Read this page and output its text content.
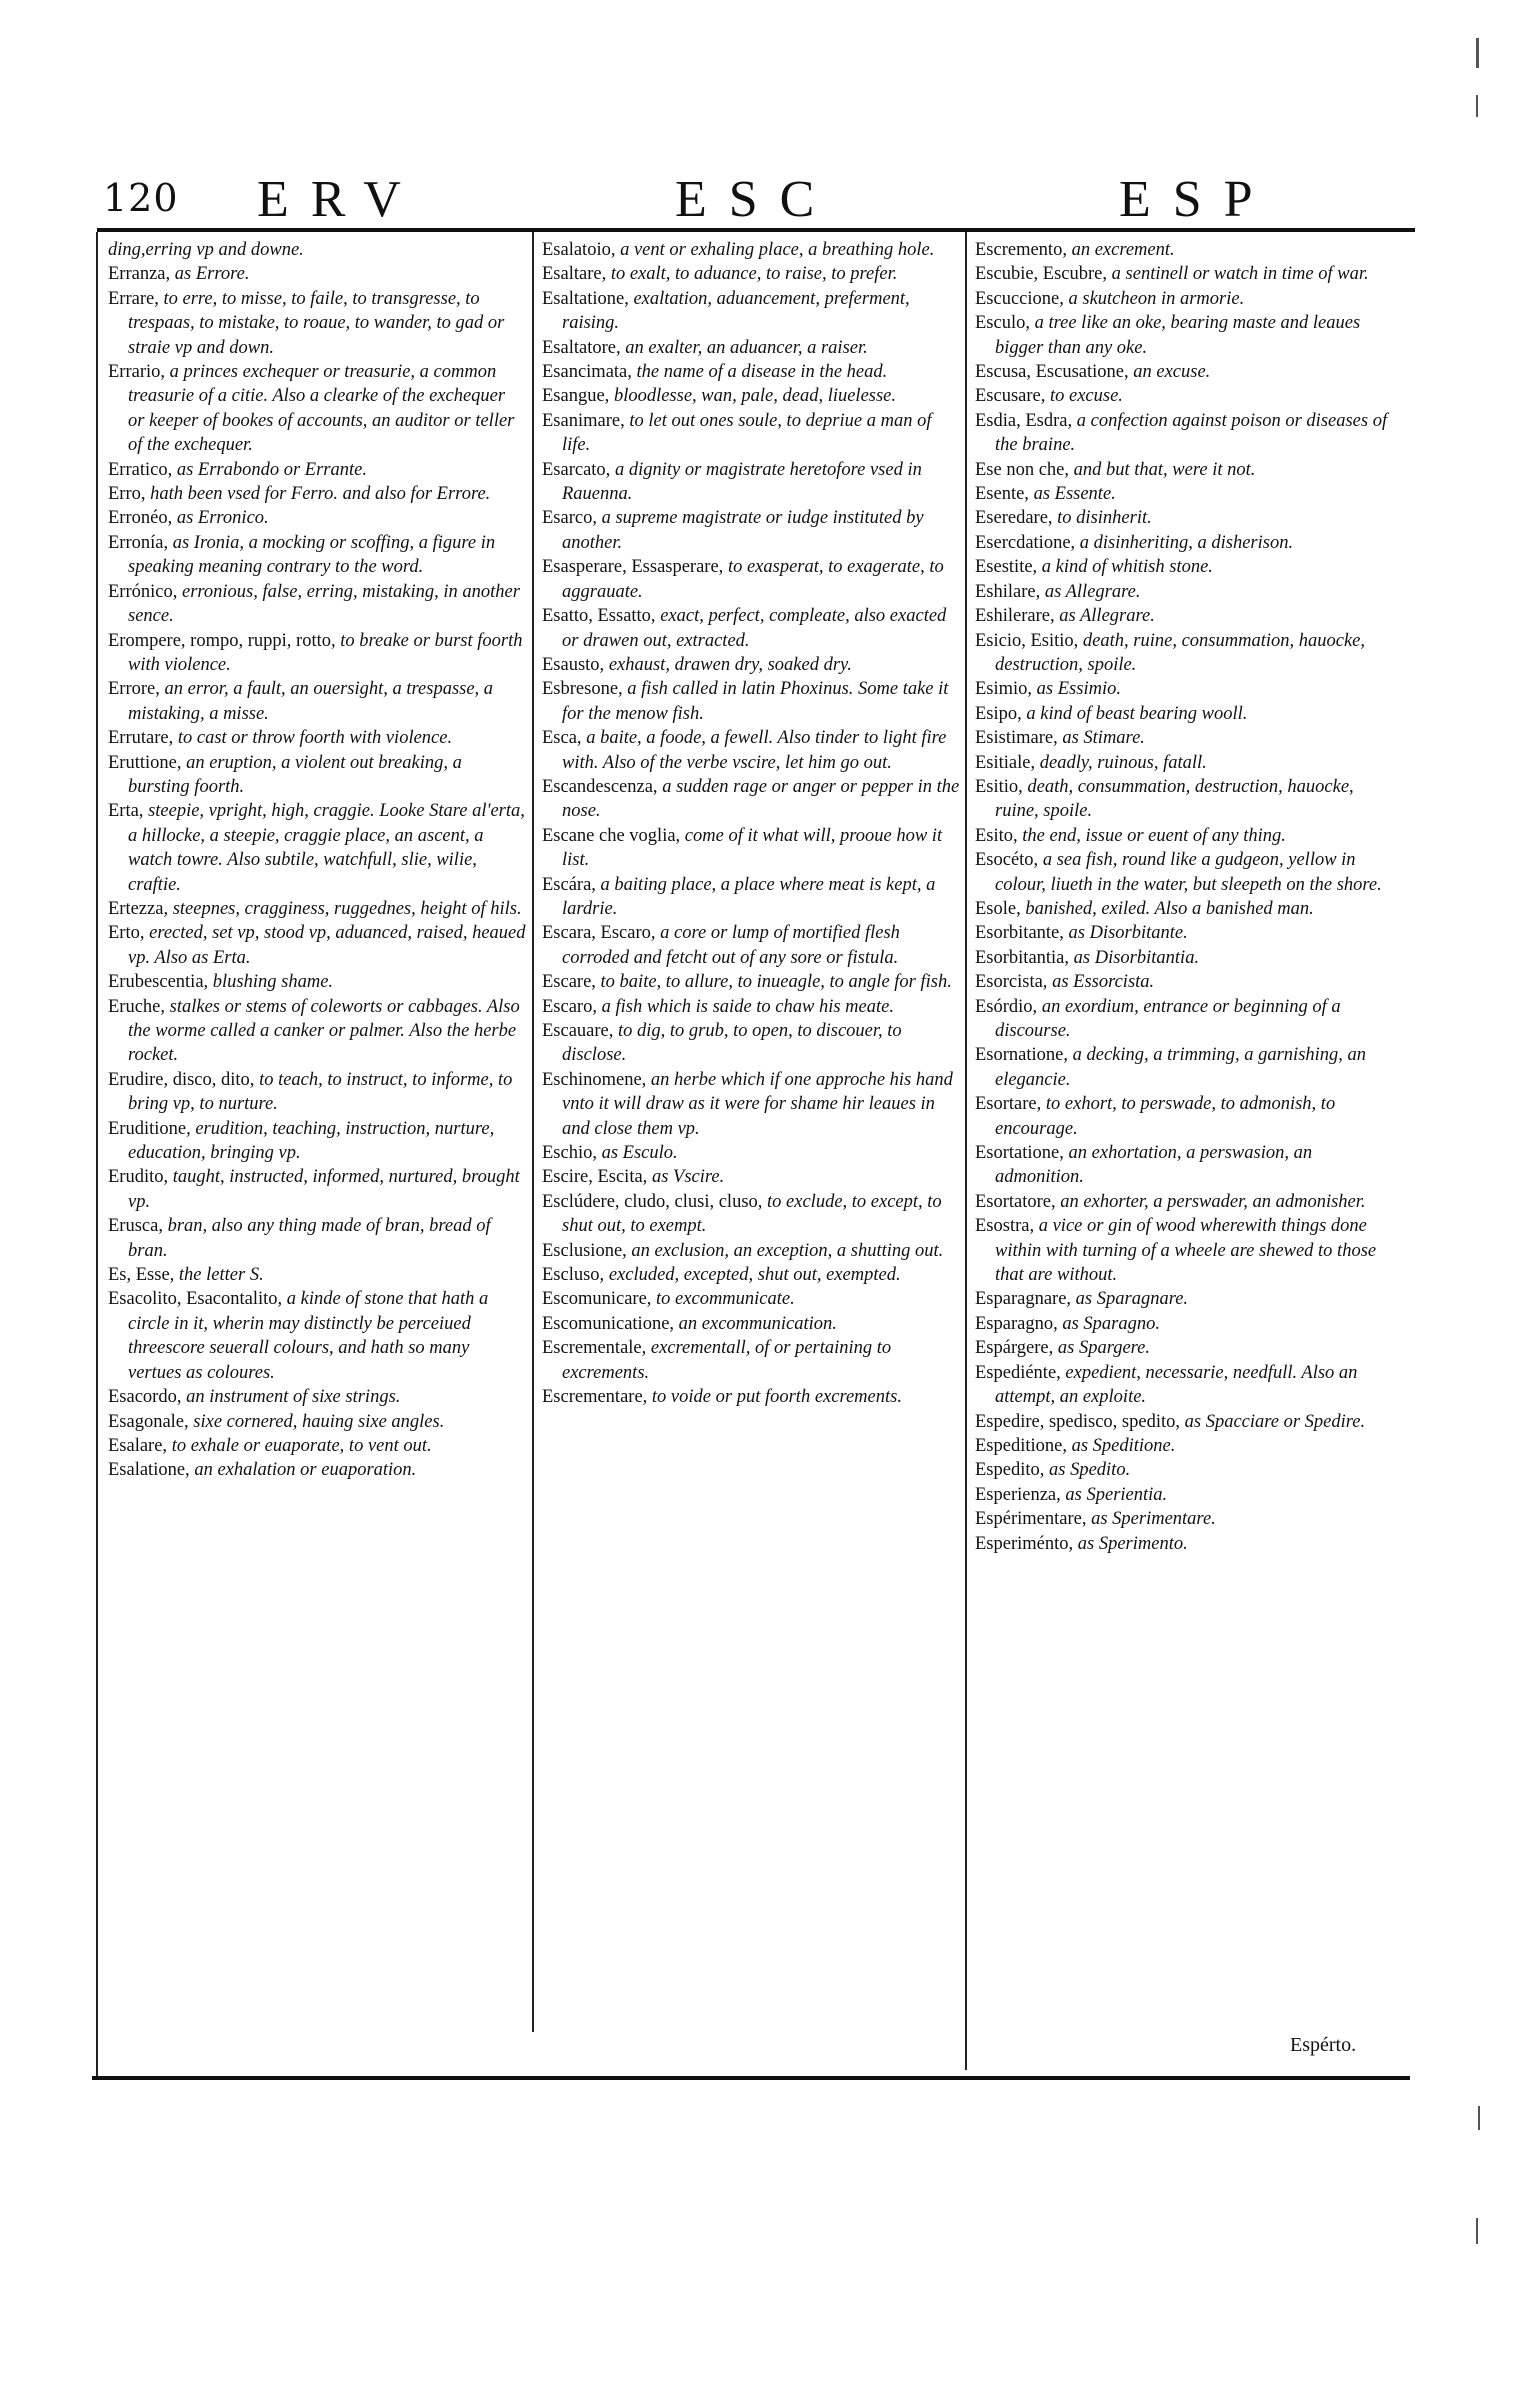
120 ERV	ESC	ESP

ding,erring vp and downe.

Erranza, as Errore.

Errare, to erre, to misse, to faile, to transgresse, to trespaas, to mistake, to roaue, to wander, to gad or straie vp and down.

Errario, a princes exchequer or treasurie, a common treasurie of a citie. Also a clearke of the exchequer or keeper of bookes of accounts, an auditor or teller of the exchequer.

Erratico, as Errabondo or Errante.

Erro, hath been vsed for Ferro. and also for Errore.

Erronéo, as Erronico.

Erronía, as Ironia, a mocking or scoffing, a figure in speaking meaning contrary to the word.

Errónico, erronious, false, erring, mistaking, in another sence.

Erompere, rompo, ruppi, rotto, to breake or burst foorth with violence.

Errore, an error, a fault, an ouersight, a trespasse, a mistaking, a misse.

Errutare, to cast or throw foorth with violence.

Eruttione, an eruption, a violent out breaking, a bursting foorth.

Erta, steepie, vpright, high, craggie. Looke Stare al'erta, a hillocke, a steepie, craggie place, an ascent, a watch towre. Also subtile, watchfull, slie, wilie, craftie.

Ertezza, steepnes, cragginess, ruggednes, height of hils.

Erto, erected, set vp, stood vp, aduanced, raised, heaued vp. Also as Erta.

Erubescentia, blushing shame.

Eruche, stalkes or stems of coleworts or cabbages. Also the worme called a canker or palmer. Also the herbe rocket.

Erudire, disco, dito, to teach, to instruct, to informe, to bring vp, to nurture.

Eruditione, erudition, teaching, instruction, nurture, education, bringing vp.

Erudito, taught, instructed, informed, nurtured, brought vp.

Erusca, bran, also any thing made of bran, bread of bran.

Es, Esse, the letter S.

Esacolito, Esacontalito, a kinde of stone that hath a circle in it, wherin may distinctly be perceiued threescore seuerall colours, and hath so many vertues as coloures.

Esacordo, an instrument of sixe strings.

Esagonale, sixe cornered, hauing sixe angles.

Esalare, to exhale or euaporate, to vent out.

Esalatione, an exhalation or euaporation.

Esalatoio, a vent or exhaling place, a breathing hole.

Esaltare, to exalt, to aduance, to raise, to prefer.

Esaltatione, exaltation, aduancement, preferment, raising.

Esaltatore, an exalter, an aduancer, a raiser.

Esancimata, the name of a disease in the head.

Esangue, bloodlesse, wan, pale, dead, liuelesse.

Esanimare, to let out ones soule, to depriue a man of life.

Esarcato, a dignity or magistrate heretofore vsed in Rauenna.

Esarco, a supreme magistrate or iudge instituted by another.

Esasperare, Essasperare, to exasperat, to exagerate, to aggrauate.

Esatto, Essatto, exact, perfect, compleate, also exacted or drawen out, extracted.

Esausto, exhaust, drawen dry, soaked dry.

Esbresone, a fish called in latin Phoxinus. Some take it for the menow fish.

Esca, a baite, a foode, a fewell. Also tinder to light fire with. Also of the verbe vscire, let him go out.

Escandescenza, a sudden rage or anger or pepper in the nose.

Escane che voglia, come of it what will, prooue how it list.

Escára, a baiting place, a place where meat is kept, a lardrie.

Escara, Escaro, a core or lump of mortified flesh corroded and fetcht out of any sore or fistula.

Escare, to baite, to allure, to inueagle, to angle for fish.

Escaro, a fish which is saide to chaw his meate.

Escauare, to dig, to grub, to open, to discouer, to disclose.

Eschinomene, an herbe which if one approche his hand vnto it will draw as it were for shame hir leaues in and close them vp.

Eschio, as Esculo.

Escire, Escita, as Vscire.

Esclúdere, cludo, clusi, cluso, to exclude, to except, to shut out, to exempt.

Esclusione, an exclusion, an exception, a shutting out.

Escluso, excluded, excepted, shut out, exempted.

Escomunicare, to excommunicate.

Escomunicatione, an excommunication.

Escrementale, excrementall, of or pertaining to excrements.

Escrementare, to voide or put foorth excrements.

Escremento, an excrement.

Escubie, Escubre, a sentinell or watch in time of war.

Escuccione, a skutcheon in armorie.

Esculo, a tree like an oke, bearing maste and leaues bigger than any oke.

Escusa, Escusatione, an excuse.

Escusare, to excuse.

Esdia, Esdra, a confection against poison or diseases of the braine.

Ese non che, and but that, were it not.

Esente, as Essente.

Eseredare, to disinherit.

Esercdatione, a disinheriting, a disherison.

Esestite, a kind of whitish stone.

Eshilare, as Allegrare.

Eshilerare, as Allegrare.

Esicio, Esitio, death, ruine, consummation, hauocke, destruction, spoile.

Esimio, as Essimio.

Esipo, a kind of beast bearing wooll.

Esistimare, as Stimare.

Esitiale, deadly, ruinous, fatall.

Esitio, death, consummation, destruction, hauocke, ruine, spoile.

Esito, the end, issue or euent of any thing.

Esocéto, a sea fish, round like a gudgeon, yellow in colour, liueth in the water, but sleepeth on the shore.

Esole, banished, exiled. Also a banished man.

Esorbitante, as Disorbitante.

Esorbitantia, as Disorbitantia.

Esorcista, as Essorcista.

Esórdio, an exordium, entrance or beginning of a discourse.

Esornatione, a decking, a trimming, a garnishing, an elegancie.

Esortare, to exhort, to perswade, to admonish, to encourage.

Esortatione, an exhortation, a perswasion, an admonition.

Esortatore, an exhorter, a perswader, an admonisher.

Esostra, a vice or gin of wood wherewith things done within with turning of a wheele are shewed to those that are without.

Esparagnare, as Sparagnare.

Esparagno, as Sparagno.

Espárgere, as Spargere.

Espediénte, expedient, necessarie, needfull. Also an attempt, an exploite.

Espedire, spedisco, spedito, as Spacciare or Spedire.

Espeditione, as Speditione.

Espedito, as Spedito.

Esperienza, as Sperientia.

Espérimentare, as Sperimentare.

Esperiménto, as Sperimento.

Espérto.
